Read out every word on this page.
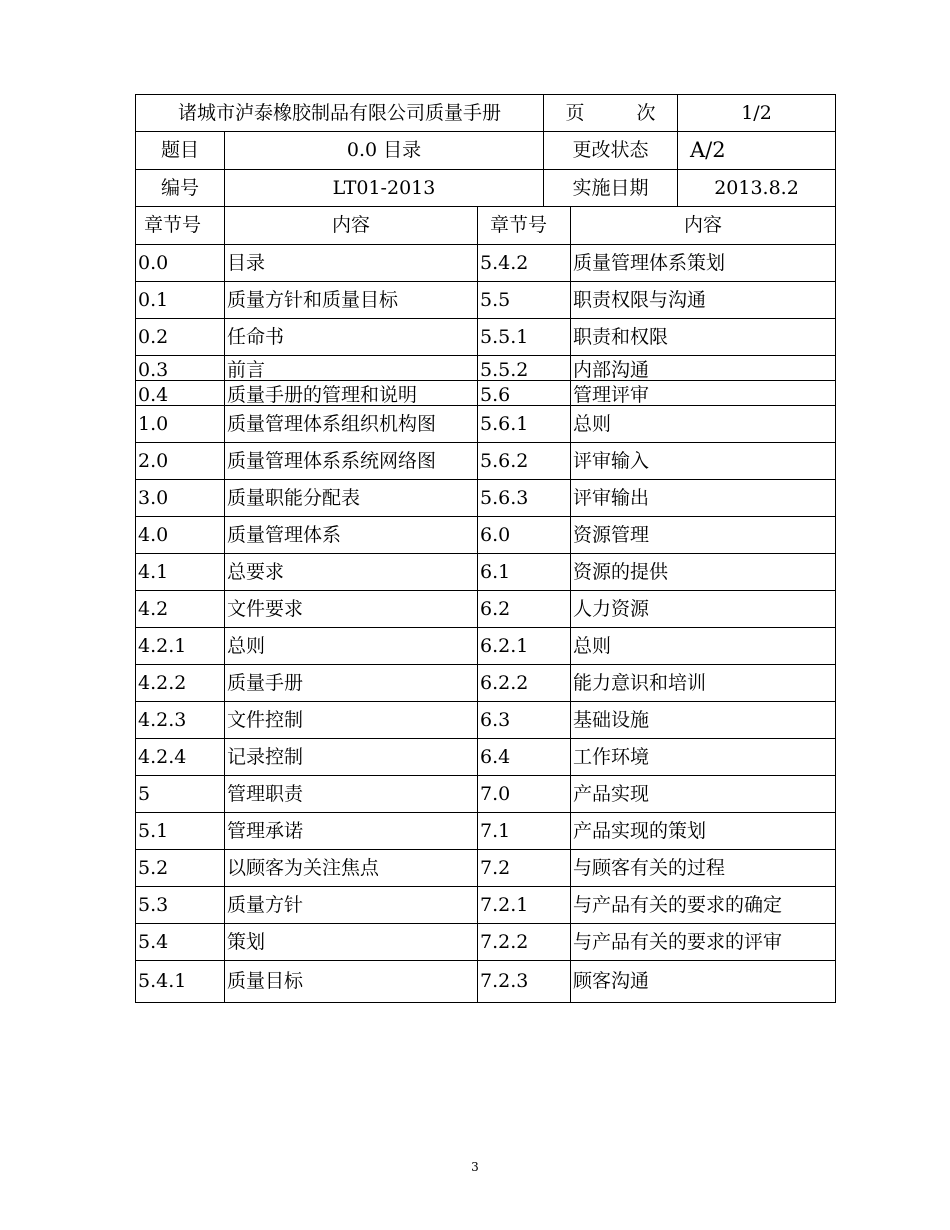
诸城市泸泰橡胶制品有限公司质量手册	页	次	1/2
题目	0.0 目录	更改状态	A/2
编号	LT01-2013	实施日期	2013.8.2
章节号	内容	章节号	内容
0.0	目录	5.4.2	质量管理体系策划
0.1	质量方针和质量目标	5.5	职责权限与沟通
0.2	任命书	5.5.1	职责和权限
0.3	前言	5.5.2	内部沟通
0.4	质量手册的管理和说明	5.6	管理评审
1.0	质量管理体系组织机构图	5.6.1	总则
2.0	质量管理体系系统网络图	5.6.2	评审输入
3.0	质量职能分配表	5.6.3	评审输出
4.0	质量管理体系	6.0	资源管理
4.1	总要求	6.1	资源的提供
4.2	文件要求	6.2	人力资源
4.2.1	总则	6.2.1	总则
4.2.2	质量手册	6.2.2	能力意识和培训
4.2.3	文件控制	6.3	基础设施
4.2.4	记录控制	6.4	工作环境
5	管理职责	7.0	产品实现
5.1	管理承诺	7.1	产品实现的策划
5.2	以顾客为关注焦点	7.2	与顾客有关的过程
5.3	质量方针	7.2.1	与产品有关的要求的确定
5.4	策划	7.2.2	与产品有关的要求的评审
5.4.1	质量目标	7.2.3	顾客沟通
3
